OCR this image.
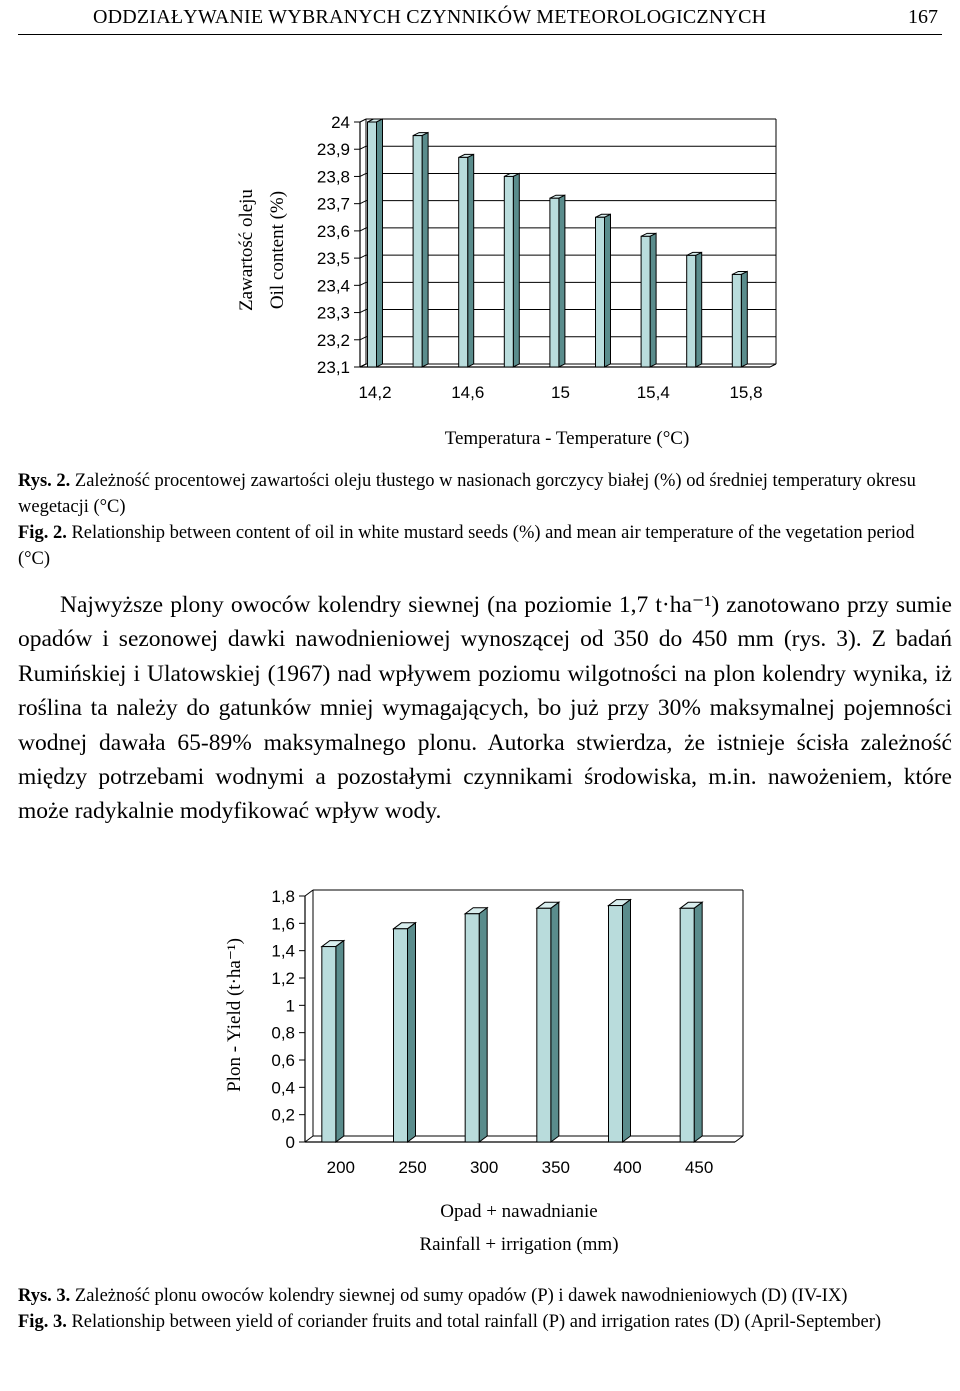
ODDZIAŁYWANIE WYBRANYCH CZYNNIKÓW METEOROLOGICZNYCH	167
Zawartość oleju Oil content (%)
23,1
23,2
23,3
23,4
23,5
23,6
23,7
23,8
23,9
24
14,2	14,6	15	15,4	15,8
Temperatura - Temperature (°C)
Rys. 2. Zależność procentowej zawartości oleju tłustego w nasionach gorczycy białej (%) od średniej temperatury okresu wegetacji (°C)
Fig. 2. Relationship between content of oil in white mustard seeds (%) and mean air temperature of the vegetation period (°C)

Najwyższe plony owoców kolendry siewnej (na poziomie 1,7 t·ha⁻¹) zanotowano przy sumie opadów i sezonowej dawki nawodnieniowej wynoszącej od 350 do 450 mm (rys. 3). Z badań Rumińskiej i Ulatowskiej (1967) nad wpływem poziomu wilgotności na plon kolendry wynika, iż roślina ta należy do gatunków mniej wymagających, bo już przy 30% maksymalnej pojemności wodnej dawała 65-89% maksymalnego plonu. Autorka stwierdza, że istnieje ścisła zależność między potrzebami wodnymi a pozostałymi czynnikami środowiska, m.in. nawożeniem, które może radykalnie modyfikować wpływ wody.

Plon - Yield (t·ha⁻¹)
0
0,2
0,4
0,6
0,8
1
1,2
1,4
1,6
1,8
200	250	300	350	400	450
Opad + nawadnianie
Rainfall + irrigation (mm)
Rys. 3. Zależność plonu owoców kolendry siewnej od sumy opadów (P) i dawek nawodnieniowych (D) (IV-IX)
Fig. 3. Relationship between yield of coriander fruits and total rainfall (P) and irrigation rates (D) (April-September)
